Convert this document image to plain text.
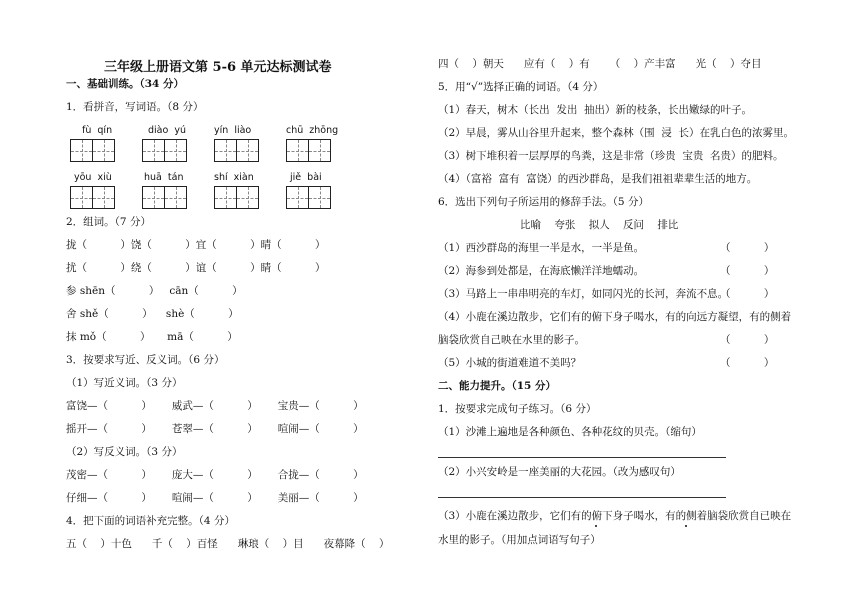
三年级上册语文第 5-6 单元达标测试卷
一、基础训练。（34 分）
1．看拼音，写词语。（8 分）
fù  qín	diào  yú	yín  liào	chū  zhōng
yōu  xiù	huā  tán	shí  xiàn	jiě  bài
2．组词。（7 分）
拢（          ）饶（          ）宜（          ）晴（          ）
扰（          ）绕（          ）谊（          ）睛（          ）
参 shēn（          ）   cān（          ）
舍 shě（          ）    shè（          ）
抹 mǒ（          ）     mā（          ）
3．按要求写近、反义词。（6 分）
（1）写近义词。（3 分）
富饶—（          ）      威武—（          ）      宝贵—（          ）
摇开—（          ）      苍翠—（          ）      喧闹—（          ）
（2）写反义词。（3 分）
茂密—（          ）      庞大—（          ）      合拢—（          ）
仔细—（          ）      喧闹—（          ）      美丽—（          ）
4．把下面的词语补充完整。（4 分）
五（    ）十色      千（    ）百怪      琳琅（    ）目      夜幕降（    ）
四（    ）朝天      应有（    ）有      （    ）产丰富      光（    ）夺目
5．用“√”选择正确的词语。（4 分）
（1）春天，树木（长出  发出  抽出）新的枝条，长出嫩绿的叶子。
（2）早晨，雾从山谷里升起来，整个森林（围  浸  长）在乳白色的浓雾里。
（3）树下堆积着一层厚厚的鸟粪，这是非常（珍贵  宝贵  名贵）的肥料。
（4）（富裕  富有  富饶）的西沙群岛，是我们祖祖辈辈生活的地方。
6．选出下列句子所运用的修辞手法。（5 分）
比喻    夸张    拟人    反问    排比
（1）西沙群岛的海里一半是水，一半是鱼。	（          ）
（2）海参到处都是，在海底懒洋洋地蠕动。	（          ）
（3）马路上一串串明亮的车灯，如同闪光的长河，奔流不息。
（          ）
（4）小鹿在溪边散步，它们有的俯下身子喝水，有的向远方凝望，有的侧着
脑袋欣赏自己映在水里的影子。	（          ）
（5）小城的街道难道不美吗？	（          ）
二、能力提升。（15 分）
1．按要求完成句子练习。（6 分）
（1）沙滩上遍地是各种颜色、各种花纹的贝壳。（缩句）
（2）小兴安岭是一座美丽的大花园。（改为感叹句）
（3）小鹿在溪边散步，它们有的俯下身子喝水，有的侧着脑袋欣赏自已映在
水里的影子。（用加点词语写句子）
